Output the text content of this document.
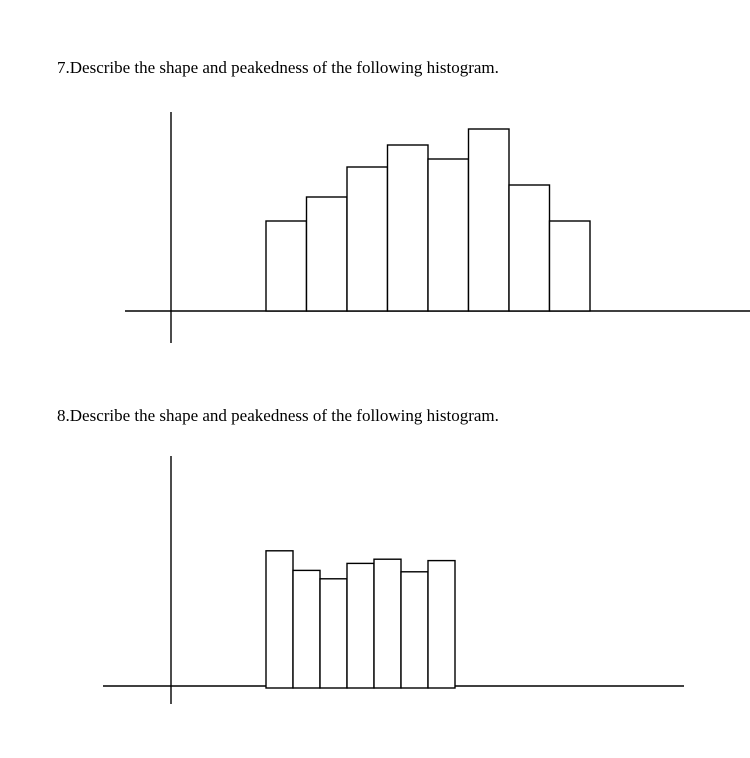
7.Describe the shape and peakedness of the following histogram.
8.Describe the shape and peakedness of the following histogram.
